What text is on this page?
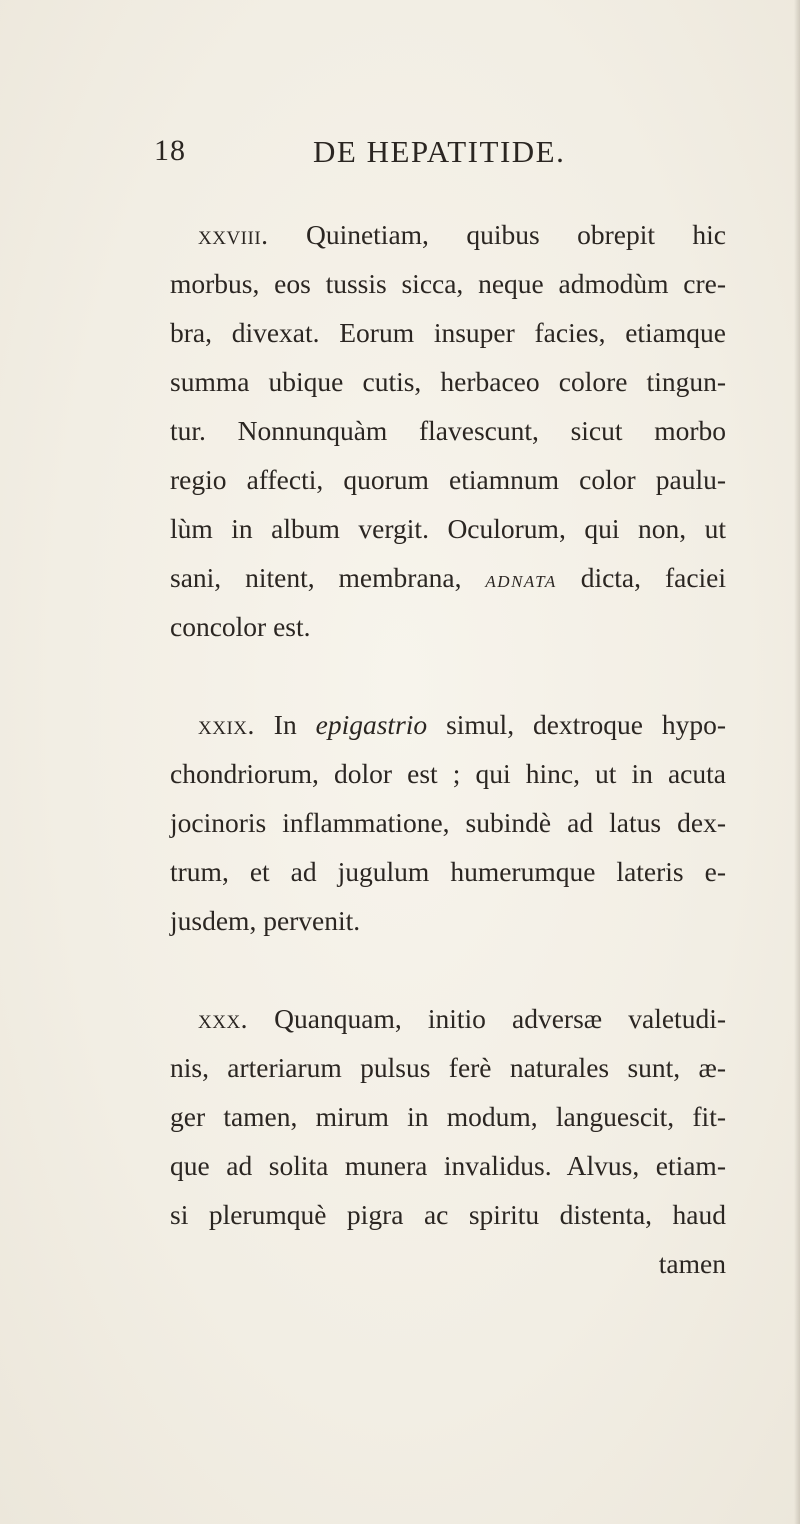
18	DE HEPATITIDE.

xxviii. Quinetiam, quibus obrepit hic
morbus, eos tussis sicca, neque admodùm cre-
bra, divexat. Eorum insuper facies, etiamque
summa ubique cutis, herbaceo colore tingun-
tur. Nonnunquàm flavescunt, sicut morbo
regio affecti, quorum etiamnum color paulu-
lùm in album vergit. Oculorum, qui non, ut
sani, nitent, membrana, adnata dicta, faciei
concolor est.

xxix. In epigastrio simul, dextroque hypo-
chondriorum, dolor est ; qui hinc, ut in acuta
jocinoris inflammatione, subindè ad latus dex-
trum, et ad jugulum humerumque lateris e-
jusdem, pervenit.

xxx. Quanquam, initio adversæ valetudi-
nis, arteriarum pulsus ferè naturales sunt, æ-
ger tamen, mirum in modum, languescit, fit-
que ad solita munera invalidus. Alvus, etiam-
si plerumquè pigra ac spiritu distenta, haud
tamen
